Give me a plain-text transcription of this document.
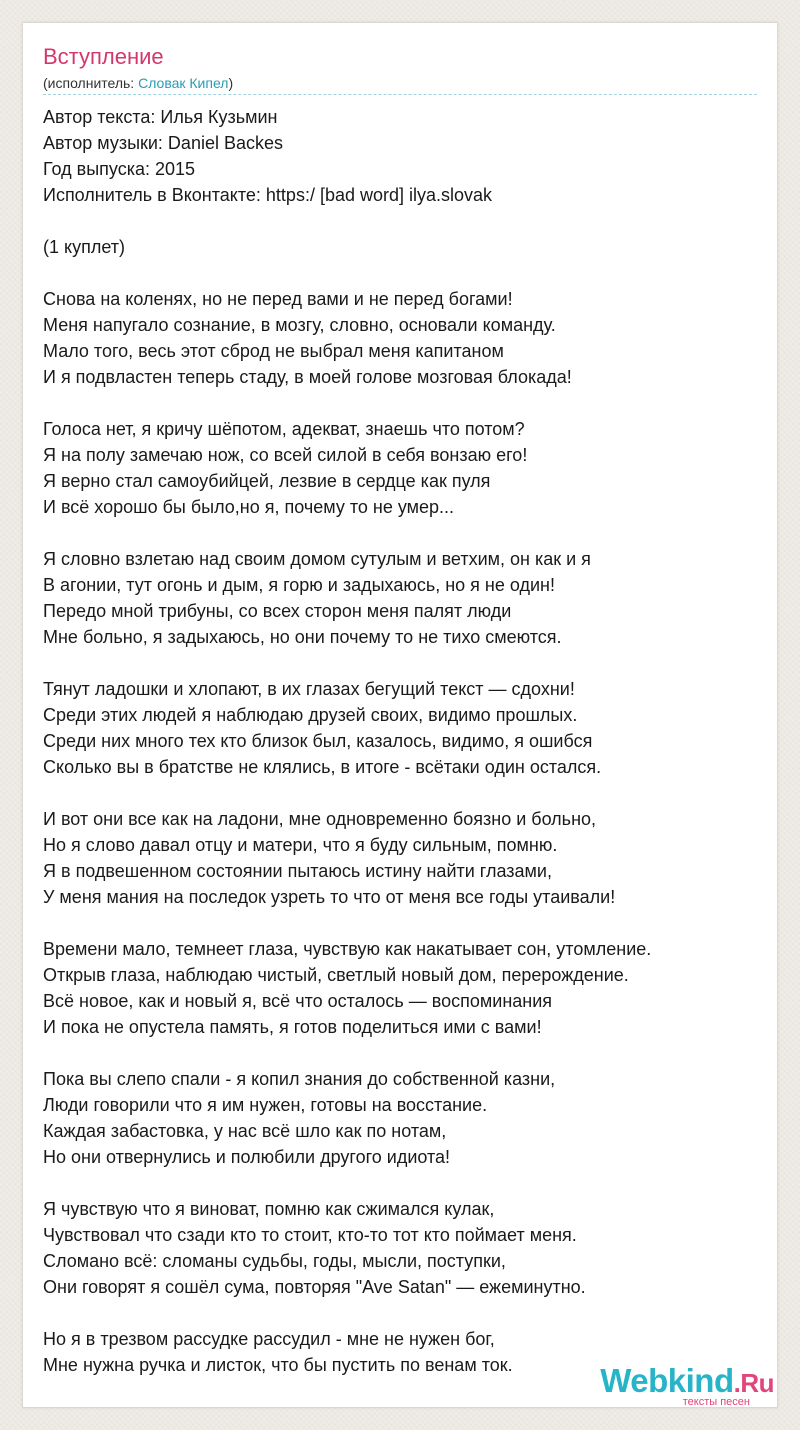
Вступление
(исполнитель: Словак Кипел)
Автор текста: Илья Кузьмин
Автор музыки: Daniel Backes
Год выпуска: 2015
Исполнитель в Вконтакте: https:/ [bad word] ilya.slovak
(1 куплет)
Снова на коленях, но не перед вами и не перед богами!
Меня напугало сознание, в мозгу, словно, основали команду.
Мало того, весь этот сброд не выбрал меня капитаном
И я подвластен теперь стаду, в моей голове мозговая блокада!
Голоса нет, я кричу шёпотом, адекват, знаешь что потом?
Я на полу замечаю нож, со всей силой в себя вонзаю его!
Я верно стал самоубийцей, лезвие в сердце как пуля
И всё хорошо бы было,но я, почему то не умер...
Я словно взлетаю над своим домом сутулым и ветхим, он как и я
В агонии, тут огонь и дым, я горю и задыхаюсь, но я не один!
Передо мной трибуны, со всех сторон меня палят люди
Мне больно, я задыхаюсь, но они почему то не тихо смеются.
Тянут ладошки и хлопают, в их глазах бегущий текст — сдохни!
Среди этих людей я наблюдаю друзей своих, видимо прошлых.
Среди них много тех кто близок был, казалось, видимо, я ошибся
Сколько вы в братстве не клялись, в итоге - всётаки один остался.
И вот они все как на ладони, мне одновременно боязно и больно,
Но я слово давал отцу и матери, что я буду сильным, помню.
Я в подвешенном состоянии пытаюсь истину найти глазами,
У меня мания на последок узреть то что от меня все годы утаивали!
Времени мало, темнеет глаза, чувствую как накатывает сон, утомление.
Открыв глаза, наблюдаю чистый, светлый новый дом, перерождение.
Всё новое, как и новый я, всё что осталось — воспоминания
И пока не опустела память, я готов поделиться ими с вами!
Пока вы слепо спали - я копил знания до собственной казни,
Люди говорили что я им нужен, готовы на восстание.
Каждая забастовка, у нас всё шло как по нотам,
Но они отвернулись и полюбили другого идиота!
Я чувствую что я виноват, помню как сжимался кулак,
Чувствовал что сзади кто то стоит, кто-то тот кто поймает меня.
Сломано всё: сломаны судьбы, годы, мысли, поступки,
Они говорят я сошёл сума, повторяя "Ave Satan" — ежеминутно.
Но я в трезвом рассудке рассудил - мне не нужен бог,
Мне нужна ручка и листок, что бы пустить по венам ток.	Webkind.Ru
тексты песен
